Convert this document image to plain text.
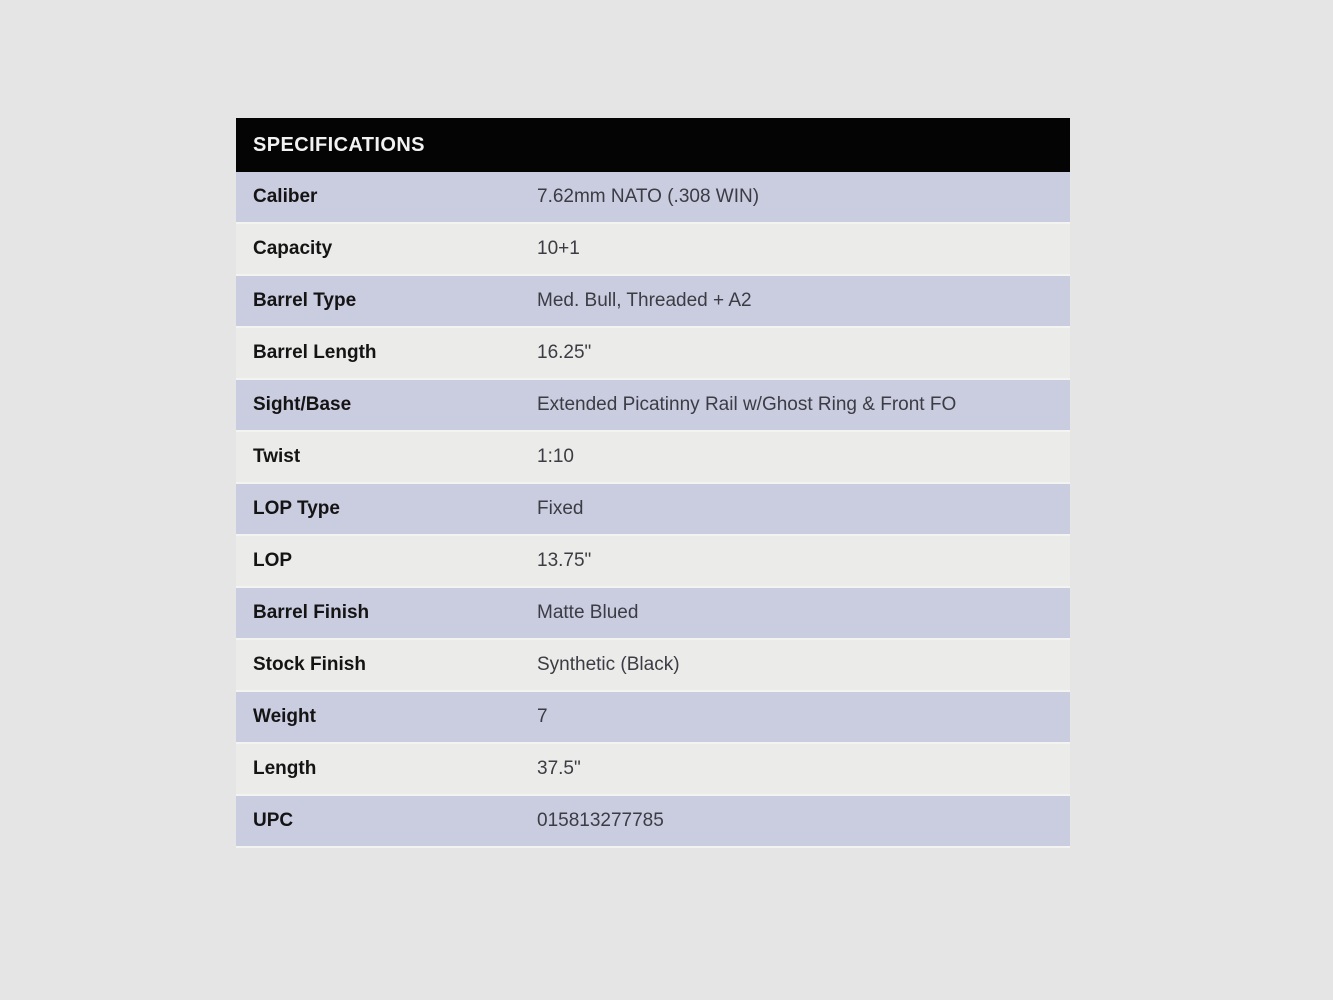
SPECIFICATIONS
Caliber	7.62mm NATO (.308 WIN)
Capacity	10+1
Barrel Type	Med. Bull, Threaded + A2
Barrel Length	16.25"
Sight/Base	Extended Picatinny Rail w/Ghost Ring & Front FO
Twist	1:10
LOP Type	Fixed
LOP	13.75"
Barrel Finish	Matte Blued
Stock Finish	Synthetic (Black)
Weight	7
Length	37.5"
UPC	015813277785
